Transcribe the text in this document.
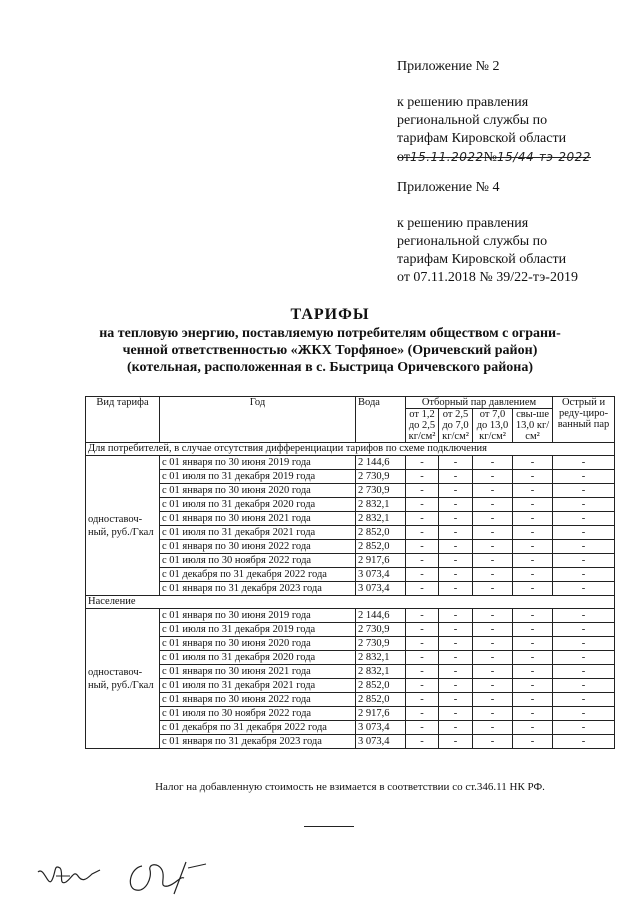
Приложение № 2
к решению правления
региональной службы по
тарифам Кировской области
от15.11.2022№15/44-тэ-2022
Приложение № 4
к решению правления
региональной службы по
тарифам Кировской области
от 07.11.2018 № 39/22-тэ-2019
ТАРИФЫ
на тепловую энергию, поставляемую потребителям обществом с ограни-
ченной ответственностью «ЖКХ Торфяное» (Оричевский район)
(котельная, расположенная в с. Быстрица Оричевского района)
Вид тарифа	Год	Вода	Отборный пар давлением				Острый и реду-циро-ванный пар
			от 1,2 до 2,5 кг/см²	от 2,5 до 7,0 кг/см²	от 7,0 до 13,0 кг/см²	свы-ше 13,0 кг/см²	
Для потребителей, в случае отсутствия дифференциации тарифов по схеме подключения							
одноставоч-ный, руб./Гкал	с 01 января по 30 июня 2019 года	2 144,6	-	-	-	-	-
	с 01 июля по 31 декабря 2019 года	2 730,9	-	-	-	-	-
	с 01 января по 30 июня 2020 года	2 730,9	-	-	-	-	-
	с 01 июля по 31 декабря 2020 года	2 832,1	-	-	-	-	-
	с 01 января по 30 июня 2021 года	2 832,1	-	-	-	-	-
	с 01 июля по 31 декабря 2021 года	2 852,0	-	-	-	-	-
	с 01 января по 30 июня 2022 года	2 852,0	-	-	-	-	-
	с 01 июля по 30 ноября 2022 года	2 917,6	-	-	-	-	-
	с 01 декабря по 31 декабря 2022 года	3 073,4	-	-	-	-	-
	с 01 января по 31 декабря 2023 года	3 073,4	-	-	-	-	-
Население							
одноставоч-ный, руб./Гкал	с 01 января по 30 июня 2019 года	2 144,6	-	-	-	-	-
	с 01 июля по 31 декабря 2019 года	2 730,9	-	-	-	-	-
	с 01 января по 30 июня 2020 года	2 730,9	-	-	-	-	-
	с 01 июля по 31 декабря 2020 года	2 832,1	-	-	-	-	-
	с 01 января по 30 июня 2021 года	2 832,1	-	-	-	-	-
	с 01 июля по 31 декабря 2021 года	2 852,0	-	-	-	-	-
	с 01 января по 30 июня 2022 года	2 852,0	-	-	-	-	-
	с 01 июля по 30 ноября 2022 года	2 917,6	-	-	-	-	-
	с 01 декабря по 31 декабря 2022 года	3 073,4	-	-	-	-	-
	с 01 января по 31 декабря 2023 года	3 073,4	-	-	-	-	-
Налог на добавленную стоимость не взимается в соответствии со ст.346.11 НК РФ.
